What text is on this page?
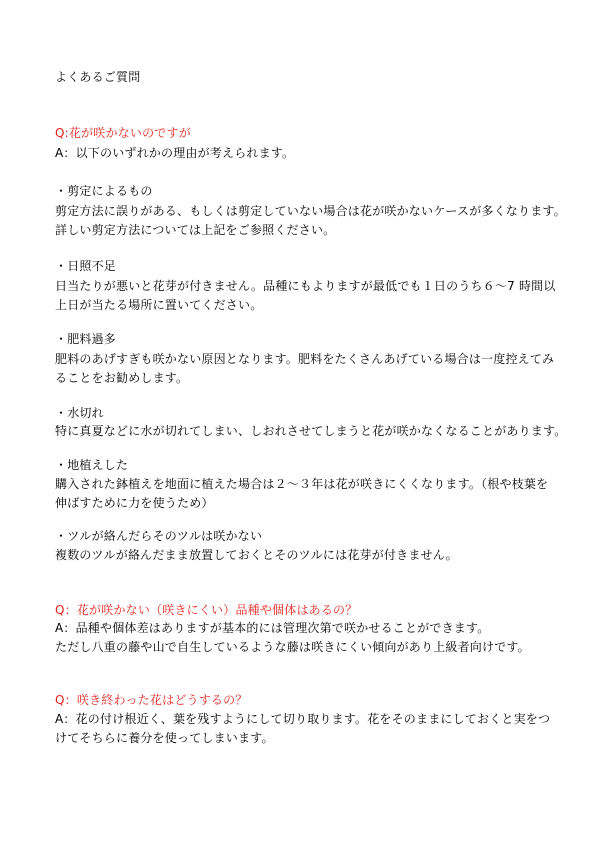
よくあるご質問
Q:花が咲かないのですが
A：以下のいずれかの理由が考えられます。
・剪定によるもの
剪定方法に誤りがある、もしくは剪定していない場合は花が咲かないケースが多くなります。
詳しい剪定方法については上記をご参照ください。
・日照不足
日当たりが悪いと花芽が付きません。品種にもよりますが最低でも１日のうち６～7 時間以
上日が当たる場所に置いてください。
・肥料過多
肥料のあげすぎも咲かない原因となります。肥料をたくさんあげている場合は一度控えてみ
ることをお勧めします。
・水切れ
特に真夏などに水が切れてしまい、しおれさせてしまうと花が咲かなくなることがあります。
・地植えした
購入された鉢植えを地面に植えた場合は２～３年は花が咲きにくくなります。（根や枝葉を
伸ばすために力を使うため）
・ツルが絡んだらそのツルは咲かない
複数のツルが絡んだまま放置しておくとそのツルには花芽が付きません。
Q：花が咲かない（咲きにくい）品種や個体はあるの？
A：品種や個体差はありますが基本的には管理次第で咲かせることができます。
ただし八重の藤や山で自生しているような藤は咲きにくい傾向があり上級者向けです。
Q：咲き終わった花はどうするの？
A：花の付け根近く、葉を残すようにして切り取ります。花をそのままにしておくと実をつ
けてそちらに養分を使ってしまいます。
